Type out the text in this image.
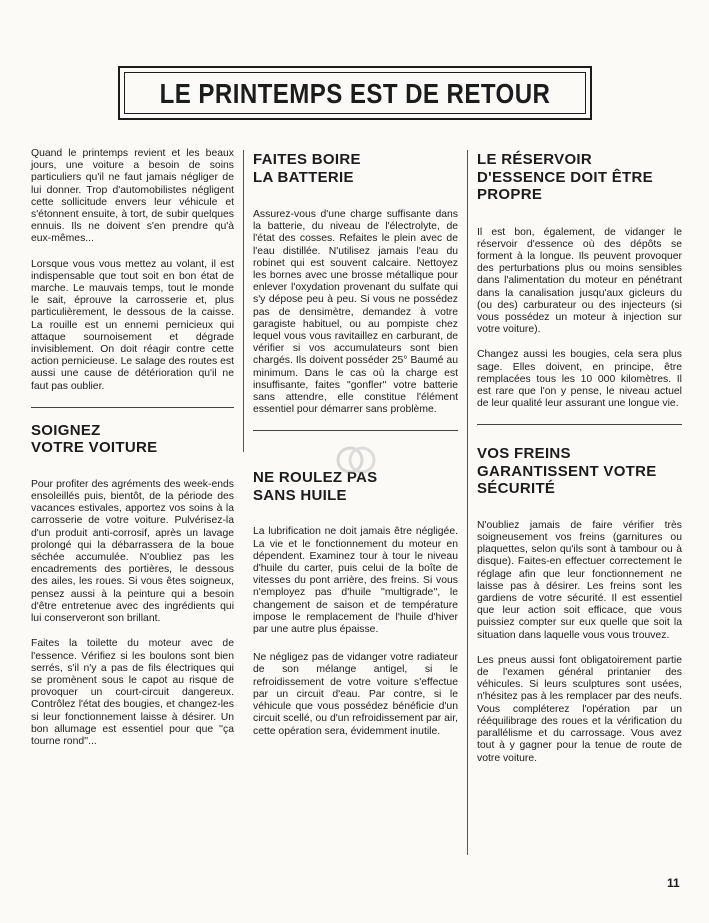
LE PRINTEMPS EST DE RETOUR

Quand le printemps revient et les beaux jours, une voiture a besoin de soins particuliers qu'il ne faut jamais négliger de lui donner. Trop d'automobilistes négligent cette sollicitude envers leur véhicule et s'étonnent ensuite, à tort, de subir quelques ennuis. Ils ne doivent s'en prendre qu'à eux-mêmes...

Lorsque vous vous mettez au volant, il est indispensable que tout soit en bon état de marche. Le mauvais temps, tout le monde le sait, éprouve la carrosserie et, plus particulièrement, le dessous de la caisse. La rouille est un ennemi pernicieux qui attaque sournoisement et dégrade invisiblement. On doit réagir contre cette action pernicieuse. Le salage des routes est aussi une cause de détérioration qu'il ne faut pas oublier.

SOIGNEZ
VOTRE VOITURE

Pour profiter des agréments des week-ends ensoleillés puis, bientôt, de la période des vacances estivales, apportez vos soins à la carrosserie de votre voiture. Pulvérisez-la d'un produit anti-corrosif, après un lavage prolongé qui la débarrassera de la boue séchée accumulée. N'oubliez pas les encadrements des portières, le dessous des ailes, les roues. Si vous êtes soigneux, pensez aussi à la peinture qui a besoin d'être entretenue avec des ingrédients qui lui conserveront son brillant.

Faites la toilette du moteur avec de l'essence. Vérifiez si les boulons sont bien serrés, s'il n'y a pas de fils électriques qui se promènent sous le capot au risque de provoquer un court-circuit dangereux. Contrôlez l'état des bougies, et changez-les si leur fonctionnement laisse à désirer. Un bon allumage est essentiel pour que ''ça tourne rond''...

FAITES BOIRE
LA BATTERIE

Assurez-vous d'une charge suffisante dans la batterie, du niveau de l'électrolyte, de l'état des cosses. Refaites le plein avec de l'eau distillée. N'utilisez jamais l'eau du robinet qui est souvent calcaire. Nettoyez les bornes avec une brosse métallique pour enlever l'oxydation provenant du sulfate qui s'y dépose peu à peu. Si vous ne possédez pas de densimètre, demandez à votre garagiste habituel, ou au pompiste chez lequel vous vous ravitaillez en carburant, de vérifier si vos accumulateurs sont bien chargés. Ils doivent posséder 25° Baumé au minimum. Dans le cas où la charge est insuffisante, faites ''gonfler'' votre batterie sans attendre, elle constitue l'élément essentiel pour démarrer sans problème.

NE ROULEZ PAS
SANS HUILE

La lubrification ne doit jamais être négligée. La vie et le fonctionnement du moteur en dépendent. Examinez tour à tour le niveau d'huile du carter, puis celui de la boîte de vitesses du pont arrière, des freins. Si vous n'employez pas d'huile ''multigrade'', le changement de saison et de température impose le remplacement de l'huile d'hiver par une autre plus épaisse.

Ne négligez pas de vidanger votre radiateur de son mélange antigel, si le refroidissement de votre voiture s'effectue par un circuit d'eau. Par contre, si le véhicule que vous possédez bénéficie d'un circuit scellé, ou d'un refroidissement par air, cette opération sera, évidemment inutile.

LE RÉSERVOIR
D'ESSENCE DOIT ÊTRE
PROPRE

Il est bon, également, de vidanger le réservoir d'essence où des dépôts se forment à la longue. Ils peuvent provoquer des perturbations plus ou moins sensibles dans l'alimentation du moteur en pénétrant dans la canalisation jusqu'aux gicleurs du (ou des) carburateur ou des injecteurs (si vous possédez un moteur à injection sur votre voiture).

Changez aussi les bougies, cela sera plus sage. Elles doivent, en principe, être remplacées tous les 10 000 kilomètres. Il est rare que l'on y pense, le niveau actuel de leur qualité leur assurant une longue vie.

VOS FREINS
GARANTISSENT VOTRE
SÉCURITÉ

N'oubliez jamais de faire vérifier très soigneusement vos freins (garnitures ou plaquettes, selon qu'ils sont à tambour ou à disque). Faites-en effectuer correctement le réglage afin que leur fonctionnement ne laisse pas à désirer. Les freins sont les gardiens de votre sécurité. Il est essentiel que leur action soit efficace, que vous puissiez compter sur eux quelle que soit la situation dans laquelle vous vous trouvez.

Les pneus aussi font obligatoirement partie de l'examen général printanier des véhicules. Si leurs sculptures sont usées, n'hésitez pas à les remplacer par des neufs. Vous compléterez l'opération par un rééquilibrage des roues et la vérification du parallélisme et du carrossage. Vous avez tout à y gagner pour la tenue de route de votre voiture.

11
